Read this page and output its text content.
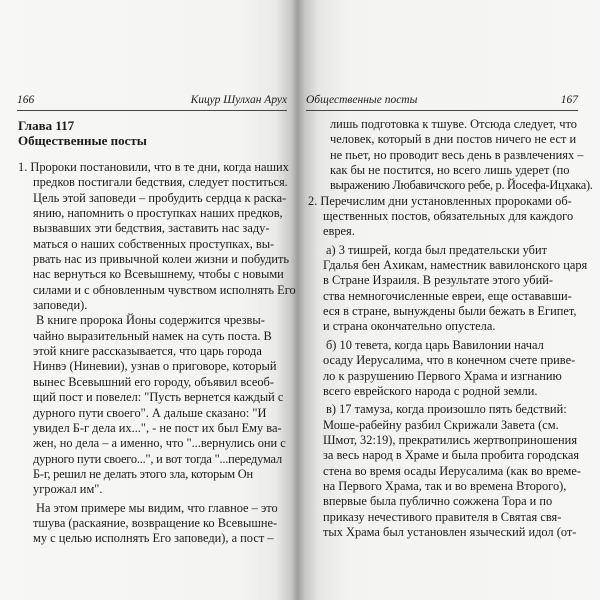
166	Кицур Шулхан Арух
Глава 117
Общественные посты
1. Пророки постановили, что в те дни, когда наших
предков постигали бедствия, следует поститься.
Цель этой заповеди – пробудить сердца к раска-
янию, напомнить о проступках наших предков,
вызвавших эти бедствия, заставить нас заду-
маться о наших собственных проступках, вы-
рвать нас из привычной колеи жизни и побудить
нас вернуться ко Всевышнему, чтобы с новыми
силами и с обновленным чувством исполнять Его
заповеди).
В книге пророка Йоны содержится чрезвы-
чайно выразительный намек на суть поста. В
этой книге рассказывается, что царь города
Нинвэ (Ниневии), узнав о приговоре, который
вынес Всевышний его городу, объявил всеоб-
щий пост и повелел: "Пусть вернется каждый с
дурного пути своего". А дальше сказано: "И
увидел Б-г дела их...", - не пост их был Ему ва-
жен, но дела – а именно, что "...вернулись они с
дурного пути своего...", и вот тогда "...передумал Б-г, решил не делать этого зла, которым Он
угрожал им".
На этом примере мы видим, что главное – это
тшува (раскаяние, возвращение ко Всевышне-
му с целью исполнять Его заповеди), а пост –
Общественные посты	167
лишь подготовка к тшуве. Отсюда следует, что
человек, который в дни постов ничего не ест и
не пьет, но проводит весь день в развлечениях –
как бы не постится, но всего лишь удерет (по
выражению Любавичского ребе, р. Йосефа-Ицхака).
2. Перечислим дни установленных пророками об-
щественных постов, обязательных для каждого
еврея.
а) 3 тишрей, когда был предательски убит
Гдалья бен Ахикам, наместник вавилонского царя
в Стране Израиля. В результате этого убий-
ства немногочисленные евреи, еще остававши-
еся в стране, вынуждены были бежать в Египет,
и страна окончательно опустела.
б) 10 тевета, когда царь Вавилонии начал
осаду Иерусалима, что в конечном счете приве-
ло к разрушению Первого Храма и изгнанию
всего еврейского народа с родной земли.
в) 17 тамуза, когда произошло пять бедствий:
Моше-рабейну разбил Скрижали Завета (см.
Шмот, 32:19), прекратились жертвоприношения
за весь народ в Храме и была пробита городская
стена во время осады Иерусалима (как во време-
на Первого Храма, так и во времена Второго),
впервые была публично сожжена Тора и по
приказу нечестивого правителя в Святая свя-
тых Храма был установлен языческий идол (от-
